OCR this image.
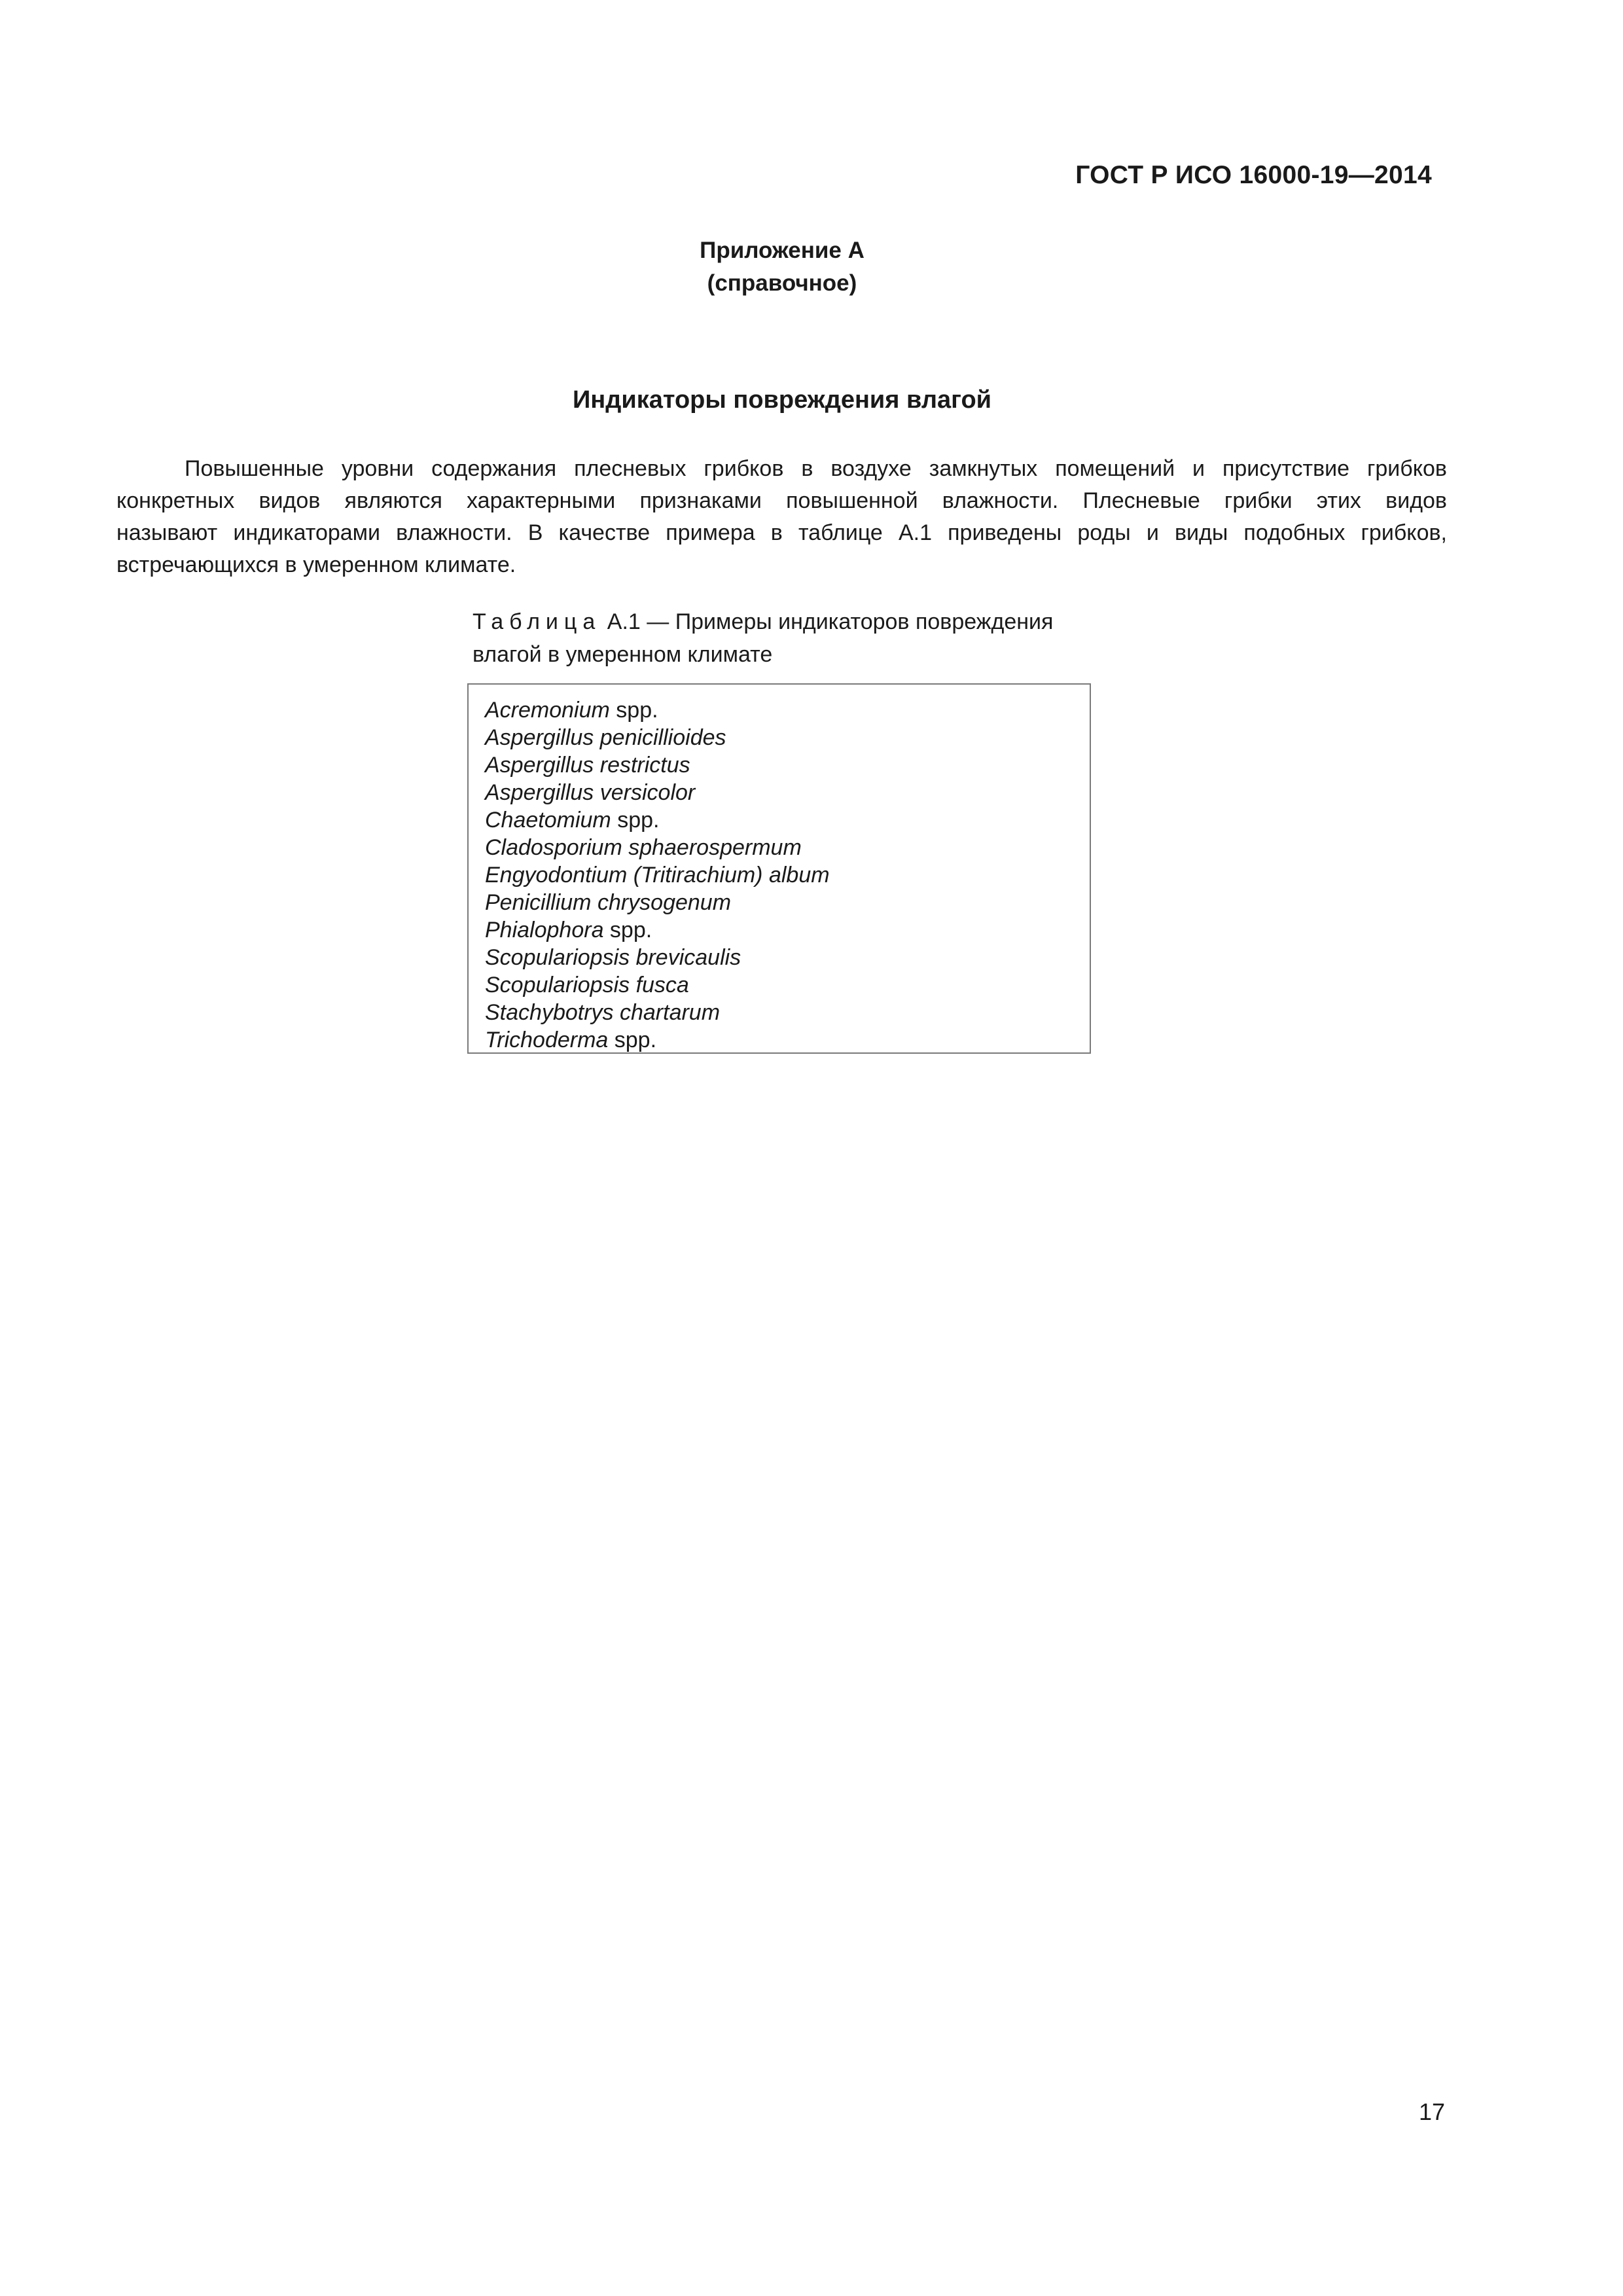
ГОСТ Р ИСО 16000-19—2014
Приложение А
(справочное)
Индикаторы повреждения влагой

Повышенные уровни содержания плесневых грибков в воздухе замкнутых помещений и присутствие грибков
конкретных видов являются характерными признаками повышенной влажности. Плесневые грибки этих видов
называют индикаторами влажности. В качестве примера в таблице А.1 приведены роды и виды подобных грибков,
встречающихся в умеренном климате.

Таблица А.1 — Примеры индикаторов повреждения
влагой в умеренном климате
Acremonium spp.
Aspergillus penicillioides
Aspergillus restrictus
Aspergillus versicolor
Chaetomium spp.
Cladosporium sphaerospermum
Engyodontium (Tritirachium) album
Penicillium chrysogenum
Phialophora spp.
Scopulariopsis brevicaulis
Scopulariopsis fusca
Stachybotrys chartarum
Trichoderma spp.
17
